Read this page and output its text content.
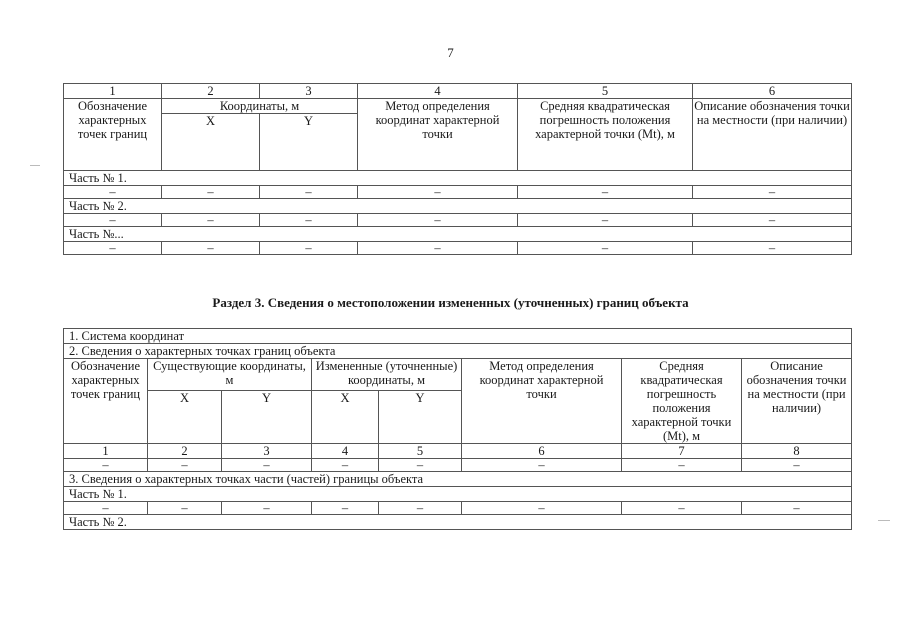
7
1	2	3	4	5	6
Обозначение характерных точек границ	Координаты, м		Метод определения координат характерной точки	Средняя квадратическая погрешность положения характерной точки (Mt), м	Описание обозначения точки на местности (при наличии)
	X	Y			
Часть № 1.					
–	–	–	–	–	–
Часть № 2.					
–	–	–	–	–	–
Часть №...					
–	–	–	–	–	–
Раздел 3. Сведения о местоположении измененных (уточненных) границ объекта
1. Система координат							
2. Сведения о характерных точках границ объекта							
Обозначение характерных точек границ	Существующие координаты, м		Измененные (уточненные) координаты, м		Метод определения координат характерной точки	Средняя квадратическая погрешность положения характерной точки (Mt), м	Описание обозначения точки на местности (при наличии)
	X	Y	X	Y			
1	2	3	4	5	6	7	8
–	–	–	–	–	–	–	–
3. Сведения о характерных точках части (частей) границы объекта							
Часть № 1.							
–	–	–	–	–	–	–	–
Часть № 2.							
